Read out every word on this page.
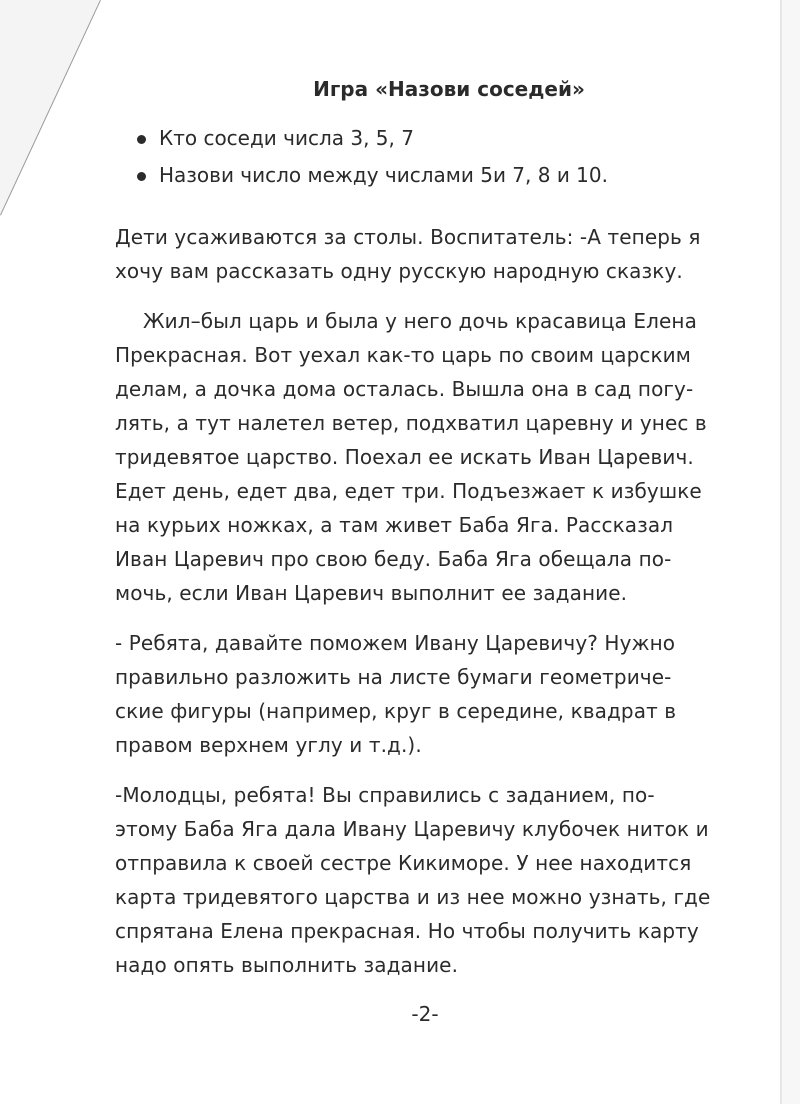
Игра «Назови соседей»
Кто соседи числа 3, 5, 7
Назови число между числами 5и 7, 8 и 10.

Дети усаживаются за столы. Воспитатель: -А теперь я хочу вам рассказать одну русскую народную сказку.

Жил–был царь и была у него дочь красавица Елена Прекрасная. Вот уехал как-то царь по своим царским делам, а дочка дома осталась. Вышла она в сад погу-лять, а тут налетел ветер, подхватил царевну и унес в тридевятое царство. Поехал ее искать Иван Царевич. Едет день, едет два, едет три. Подъезжает к избушке на курьих ножках, а там живет Баба Яга. Рассказал Иван Царевич про свою беду. Баба Яга обещала по-мочь, если Иван Царевич выполнит ее задание.

- Ребята, давайте поможем Ивану Царевичу? Нужно правильно разложить на листе бумаги геометриче-ские фигуры (например, круг в середине, квадрат в правом верхнем углу и т.д.).

-Молодцы, ребята! Вы справились с заданием, по-этому Баба Яга дала Ивану Царевичу клубочек ниток и отправила к своей сестре Кикиморе. У нее находится карта тридевятого царства и из нее можно узнать, где спрятана Елена прекрасная. Но чтобы получить карту надо опять выполнить задание.

-2-
